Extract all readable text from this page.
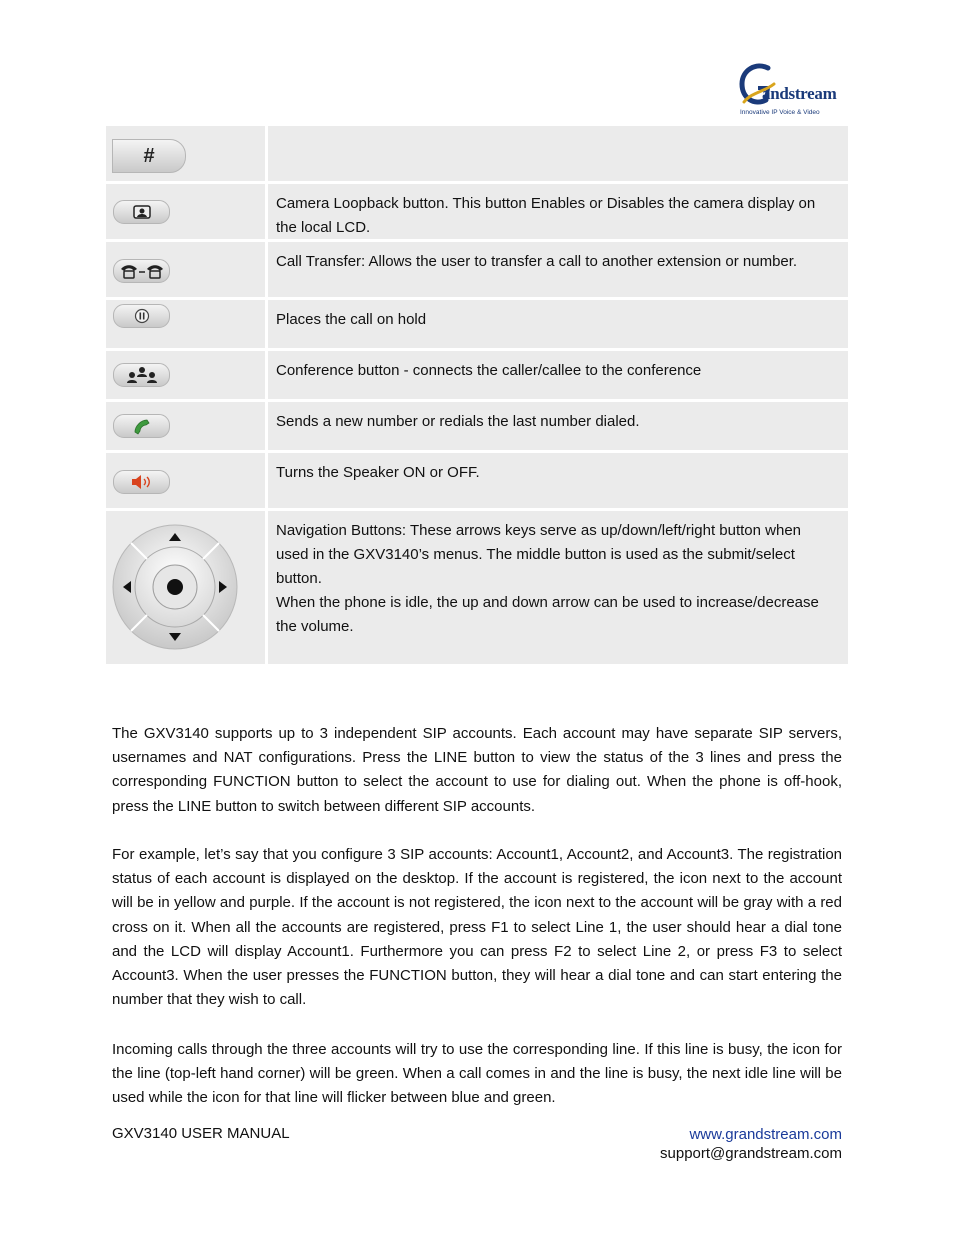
andstream
Innovative IP Voice & Video
#
Camera Loopback button. This button Enables or Disables the camera display on
the local LCD.
Call Transfer: Allows the user to transfer a call to another extension or number.
Places the call on hold
Conference button - connects the caller/callee to the conference
Sends a new number or redials the last number dialed.
Turns the Speaker ON or OFF.
Navigation Buttons: These arrows keys serve as up/down/left/right button when
used in the GXV3140’s menus. The middle button is used as the submit/select
button.
When the phone is idle, the up and down arrow can be used to increase/decrease
the volume.

The GXV3140 supports up to 3 independent SIP accounts. Each account may have separate SIP servers, usernames and NAT configurations. Press the LINE button to view the status of the 3 lines and press the corresponding FUNCTION button to select the account to use for dialing out. When the phone is off-hook, press the LINE button to switch between different SIP accounts.

For example, let’s say that you configure 3 SIP accounts: Account1, Account2, and Account3. The registration status of each account is displayed on the desktop. If the account is registered, the icon next to the account will be in yellow and purple. If the account is not registered, the icon next to the account will be gray with a red cross on it. When all the accounts are registered, press F1 to select Line 1, the user should hear a dial tone and the LCD will display Account1. Furthermore you can press F2 to select Line 2, or press F3 to select Account3. When the user presses the FUNCTION button, they will hear a dial tone and can start entering the number that they wish to call.

Incoming calls through the three accounts will try to use the corresponding line. If this line is busy, the icon for the line (top-left hand corner) will be green. When a call comes in and the line is busy, the next idle line will be used while the icon for that line will flicker between blue and green.

GXV3140 USER MANUAL	www.grandstream.com
support@grandstream.com
